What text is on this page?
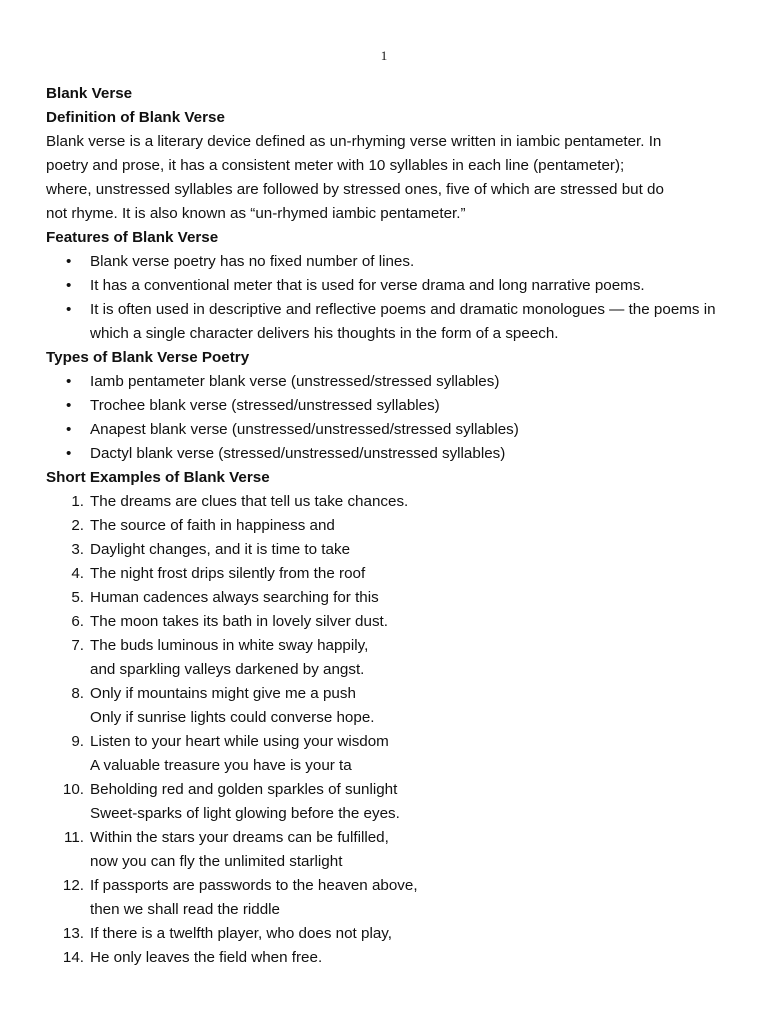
1

Blank Verse

Definition of Blank Verse

Blank verse is a literary device defined as un-rhyming verse written in iambic pentameter. In
poetry and prose, it has a consistent meter with 10 syllables in each line (pentameter);
where, unstressed syllables are followed by stressed ones, five of which are stressed but do
not rhyme. It is also known as “un-rhymed iambic pentameter.”

Features of Blank Verse

• Blank verse poetry has no fixed number of lines.
• It has a conventional meter that is used for verse drama and long narrative poems.
• It is often used in descriptive and reflective poems and dramatic monologues — the poems in which a single character delivers his thoughts in the form of a speech.

Types of Blank Verse Poetry

• Iamb pentameter blank verse (unstressed/stressed syllables)
• Trochee blank verse (stressed/unstressed syllables)
• Anapest blank verse (unstressed/unstressed/stressed syllables)
• Dactyl blank verse (stressed/unstressed/unstressed syllables)

Short Examples of Blank Verse

1. The dreams are clues that tell us take chances.
2. The source of faith in happiness and
3. Daylight changes, and it is time to take
4. The night frost drips silently from the roof
5. Human cadences always searching for this
6. The moon takes its bath in lovely silver dust.
7. The buds luminous in white sway happily,
and sparkling valleys darkened by angst.
8. Only if mountains might give me a push
Only if sunrise lights could converse hope.
9. Listen to your heart while using your wisdom
A valuable treasure you have is your ta
10. Beholding red and golden sparkles of sunlight
Sweet-sparks of light glowing before the eyes.
11. Within the stars your dreams can be fulfilled,
now you can fly the unlimited starlight
12. If passports are passwords to the heaven above,
then we shall read the riddle
13. If there is a twelfth player, who does not play,
14. He only leaves the field when free.
